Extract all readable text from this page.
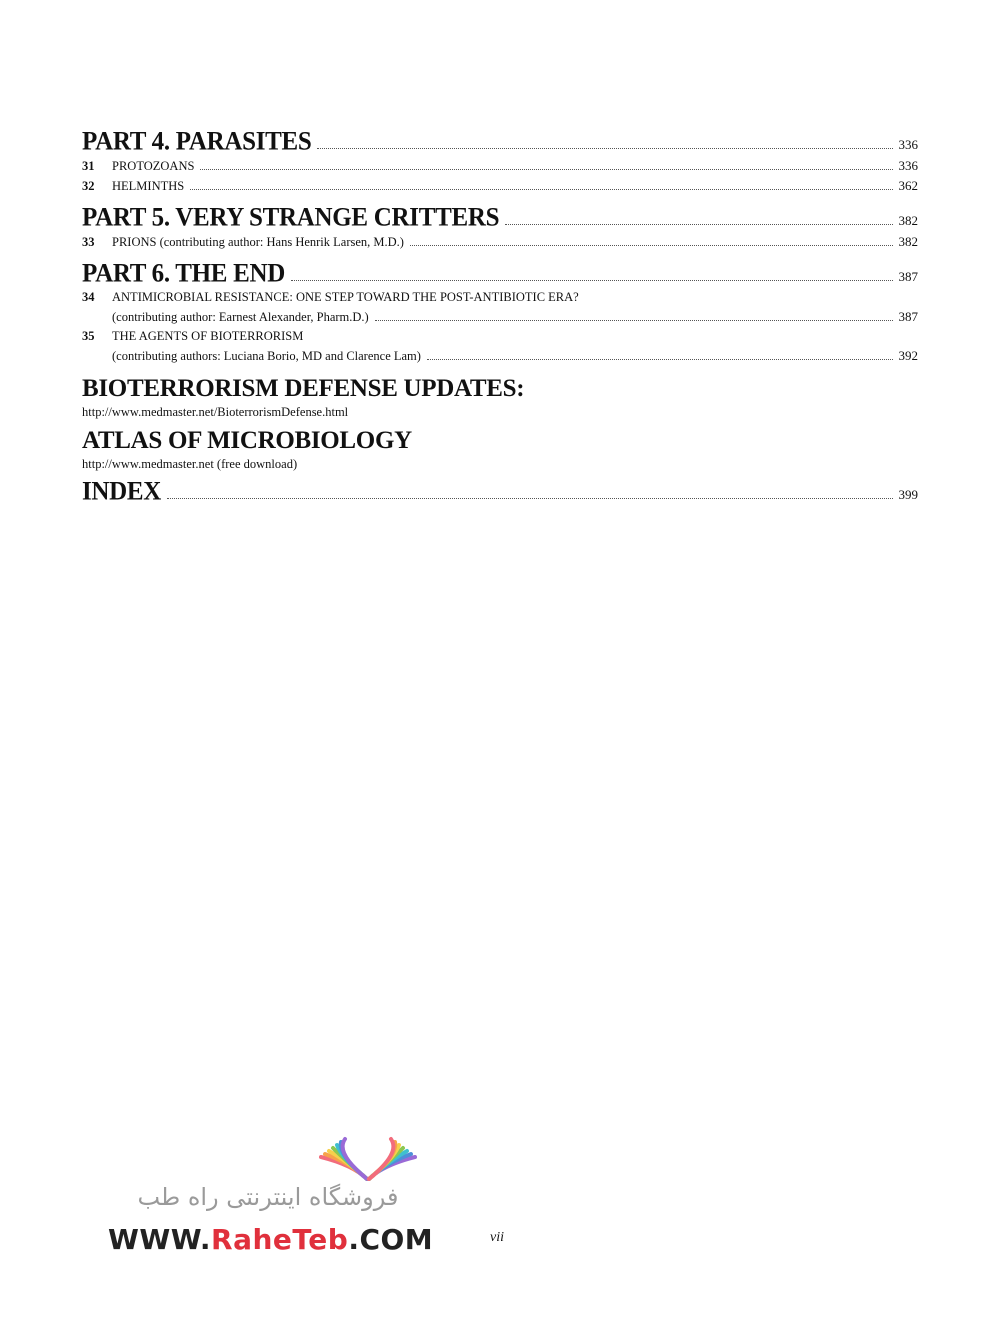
PART 4. PARASITES	336
31	PROTOZOANS	336
32	HELMINTHS	362
PART 5. VERY STRANGE CRITTERS	382
33	PRIONS (contributing author: Hans Henrik Larsen, M.D.)	382
PART 6. THE END	387
34	ANTIMICROBIAL RESISTANCE: ONE STEP TOWARD THE POST-ANTIBIOTIC ERA?
(contributing author: Earnest Alexander, Pharm.D.)	387
35	THE AGENTS OF BIOTERRORISM
(contributing authors: Luciana Borio, MD and Clarence Lam)	392
BIOTERRORISM DEFENSE UPDATES:
http://www.medmaster.net/BioterrorismDefense.html
ATLAS OF MICROBIOLOGY
http://www.medmaster.net (free download)
INDEX	399
فروشگاه اینترنتی راه طب
WWW.RaheTeb.COM	vii
